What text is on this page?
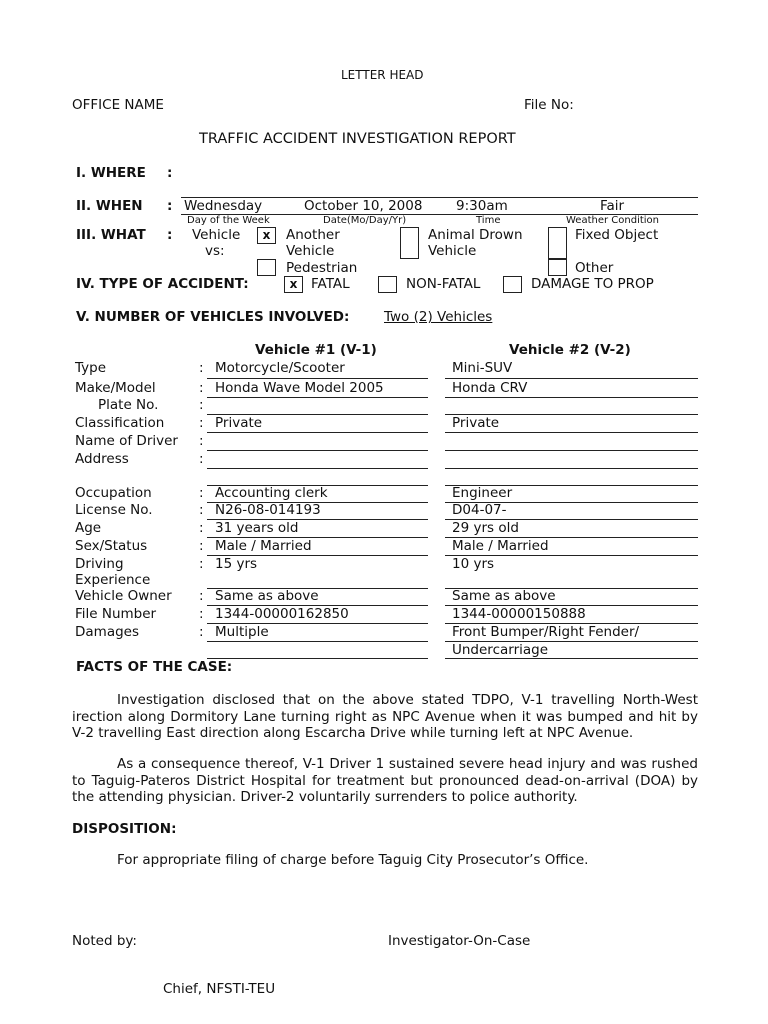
LETTER HEAD
OFFICE NAME	File No:
TRAFFIC ACCIDENT INVESTIGATION REPORT
I. WHERE :
II. WHEN : Wednesday	October 10, 2008 9:30am	Fair
Day of the Week	Date(Mo/Day/Yr)	Time	Weather Condition
III. WHAT : Vehicle
vs:
x	Another
Vehicle
Pedestrian
Animal Drown
Vehicle
Fixed Object
Other
IV. TYPE OF ACCIDENT:	x	FATAL	NON-FATAL	DAMAGE TO PROP
V. NUMBER OF VEHICLES INVOLVED:	Two (2) Vehicles
Vehicle #1 (V-1)	Vehicle #2 (V-2)
Type	: Motorcycle/Scooter	Mini-SUV
Make/Model	: Honda Wave Model 2005	Honda CRV
Plate No.	:
Classification	: Private	Private
Name of Driver :
Address	:
Occupation	: Accounting clerk	Engineer
License No.	: N26-08-014193	D04-07-
Age	: 31 years old	29 yrs old
Sex/Status	: Male / Married	Male / Married
Driving
Experience
: 15 yrs	10 yrs
Vehicle Owner : Same as above	Same as above
File Number	: 1344-00000162850	1344-00000150888
Damages	: Multiple	Front Bumper/Right Fender/
Undercarriage
FACTS OF THE CASE:
Investigation disclosed that on the above stated TDPO, V-1 travelling North-West irection along Dormitory Lane turning right as NPC Avenue when it was bumped and hit by V-2 travelling East direction along Escarcha Drive while turning left at NPC Avenue.
As a consequence thereof, V-1 Driver 1 sustained severe head injury and was rushed to Taguig-Pateros District Hospital for treatment but pronounced dead-on-arrival (DOA) by the attending physician. Driver-2 voluntarily surrenders to police authority.
DISPOSITION:
For appropriate filing of charge before Taguig City Prosecutor’s Office.
Noted by:	Investigator-On-Case
Chief, NFSTI-TEU
